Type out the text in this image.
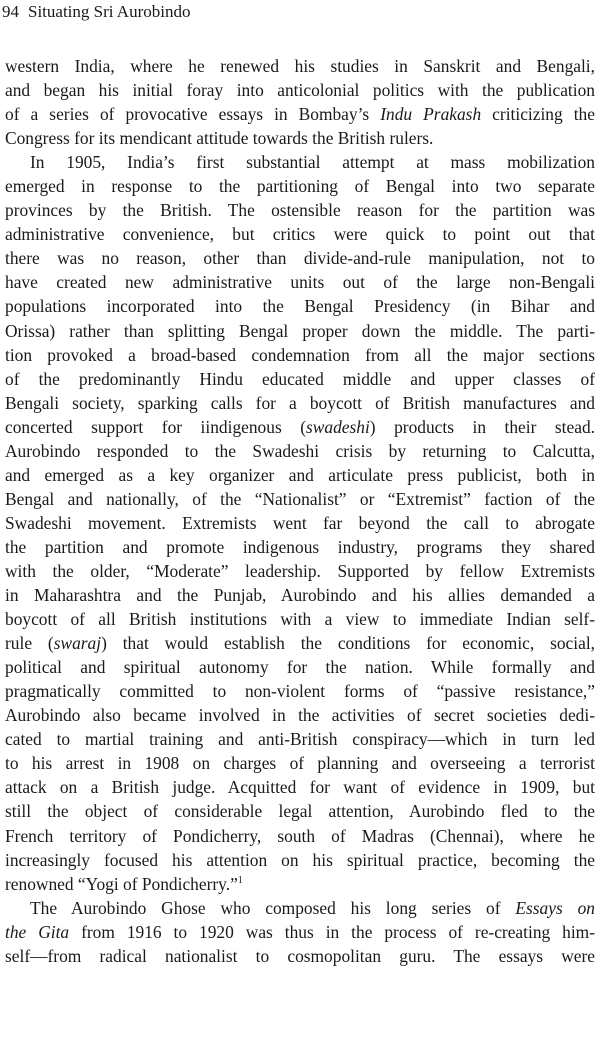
94 Situating Sri Aurobindo
western India, where he renewed his studies in Sanskrit and Bengali,
and began his initial foray into anticolonial politics with the publication
of a series of provocative essays in Bombay’s Indu Prakash criticizing the
Congress for its mendicant attitude towards the British rulers.
In 1905, India’s first substantial attempt at mass mobilization
emerged in response to the partitioning of Bengal into two separate
provinces by the British. The ostensible reason for the partition was
administrative convenience, but critics were quick to point out that
there was no reason, other than divide-and-rule manipulation, not to
have created new administrative units out of the large non-Bengali
populations incorporated into the Bengal Presidency (in Bihar and
Orissa) rather than splitting Bengal proper down the middle. The parti-
tion provoked a broad-based condemnation from all the major sections
of the predominantly Hindu educated middle and upper classes of
Bengali society, sparking calls for a boycott of British manufactures and
concerted support for iindigenous (swadeshi) products in their stead.
Aurobindo responded to the Swadeshi crisis by returning to Calcutta,
and emerged as a key organizer and articulate press publicist, both in
Bengal and nationally, of the “Nationalist” or “Extremist” faction of the
Swadeshi movement. Extremists went far beyond the call to abrogate
the partition and promote indigenous industry, programs they shared
with the older, “Moderate” leadership. Supported by fellow Extremists
in Maharashtra and the Punjab, Aurobindo and his allies demanded a
boycott of all British institutions with a view to immediate Indian self-
rule (swaraj) that would establish the conditions for economic, social,
political and spiritual autonomy for the nation. While formally and
pragmatically committed to non-violent forms of “passive resistance,”
Aurobindo also became involved in the activities of secret societies dedi-
cated to martial training and anti-British conspiracy—which in turn led
to his arrest in 1908 on charges of planning and overseeing a terrorist
attack on a British judge. Acquitted for want of evidence in 1909, but
still the object of considerable legal attention, Aurobindo fled to the
French territory of Pondicherry, south of Madras (Chennai), where he
increasingly focused his attention on his spiritual practice, becoming the
renowned “Yogi of Pondicherry.”$^1$
The Aurobindo Ghose who composed his long series of Essays on
the Gita from 1916 to 1920 was thus in the process of re-creating him-
self—from radical nationalist to cosmopolitan guru. The essays were
